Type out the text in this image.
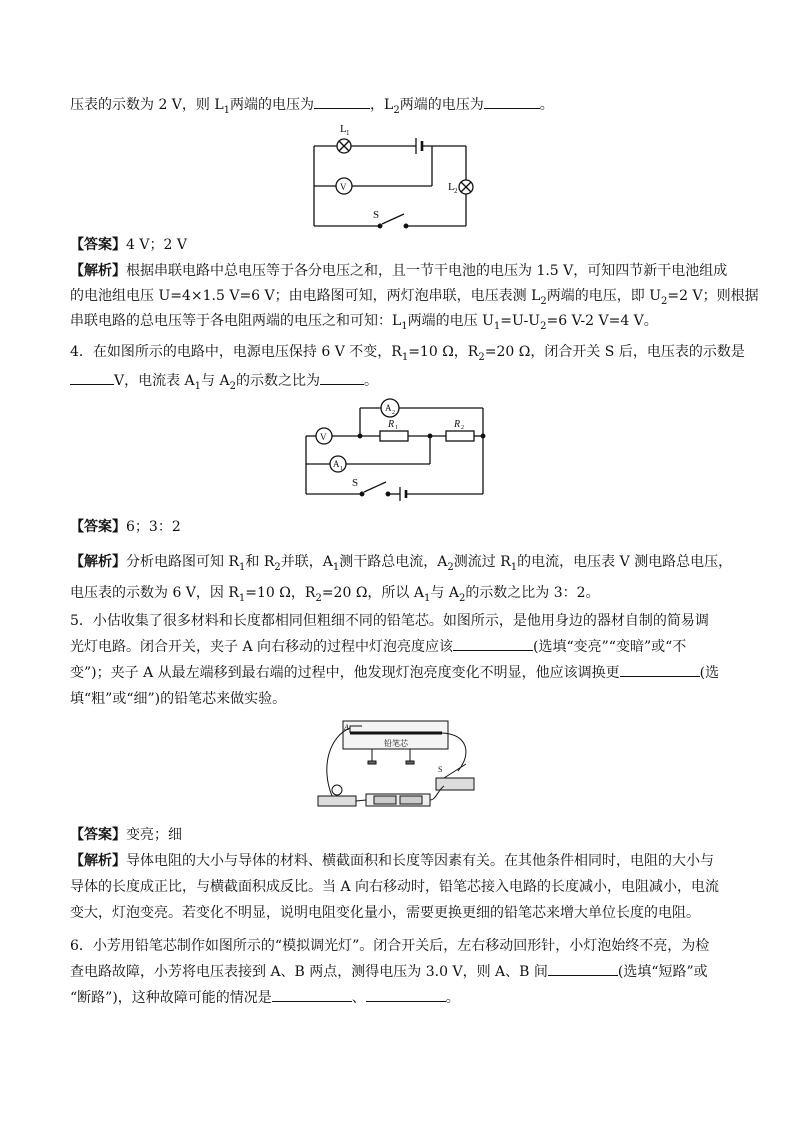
压表的示数为 2 V，则 $L_1$两端的电压为	，$L_2$两端的电压为	。
L 1
V	L 2
S
【答案】4 V；2 V
【解析】根据串联电路中总电压等于各分电压之和，且一节干电池的电压为 1.5 V，可知四节新干电池组成
的电池组电压 U=4×1.5 V=6 V；由电路图可知，两灯泡串联，电压表测 $L_2$两端的电压，即 $U_2=2$ V；则根据
串联电路的总电压等于各电阻两端的电压之和可知：$L_1$两端的电压 $U_1=U-U_2=6$ V-2 V=4 V。
4．在如图所示的电路中，电源电压保持 6 V 不变，$R_1=10$ Ω，$R_2=20$ Ω，闭合开关 S 后，电压表的示数是
V，电流表 $A_1$与 $A_2$的示数之比为	。
A 2
V
A 1
R 1	R 2
S
【答案】6；3：2
【解析】分析电路图可知 $R_1$和 $R_2$并联，$A_1$测干路总电流，$A_2$测流过 $R_1$的电流，电压表 V 测电路总电压，
电压表的示数为 6 V，因 $R_1=10$ Ω，$R_2=20$ Ω，所以 $A_1$与 $A_2$的示数之比为 3：2。
5．小估收集了很多材料和长度都相同但粗细不同的铅笔芯。如图所示，是他用身边的器材自制的简易调
光灯电路。闭合开关，夹子 A 向右移动的过程中灯泡亮度应该	(选填“变亮”“变暗”或“不
变”)；夹子 A 从最左端移到最右端的过程中，他发现灯泡亮度变化不明显，他应该调换更	(选
填“粗”或“细”)的铅笔芯来做实验。
A
铅笔芯
S
【答案】变亮；细
【解析】导体电阻的大小与导体的材料、横截面积和长度等因素有关。在其他条件相同时，电阻的大小与
导体的长度成正比，与横截面积成反比。当 A 向右移动时，铅笔芯接入电路的长度减小，电阻减小，电流
变大，灯泡变亮。若变化不明显，说明电阻变化量小，需要更换更细的铅笔芯来增大单位长度的电阻。
6．小芳用铅笔芯制作如图所示的“模拟调光灯”。闭合开关后，左右移动回形针，小灯泡始终不亮，为检
查电路故障，小芳将电压表接到 A、B 两点，测得电压为 3.0 V，则 A、B 间	(选填“短路”或
“断路”)，这种故障可能的情况是	、	。
